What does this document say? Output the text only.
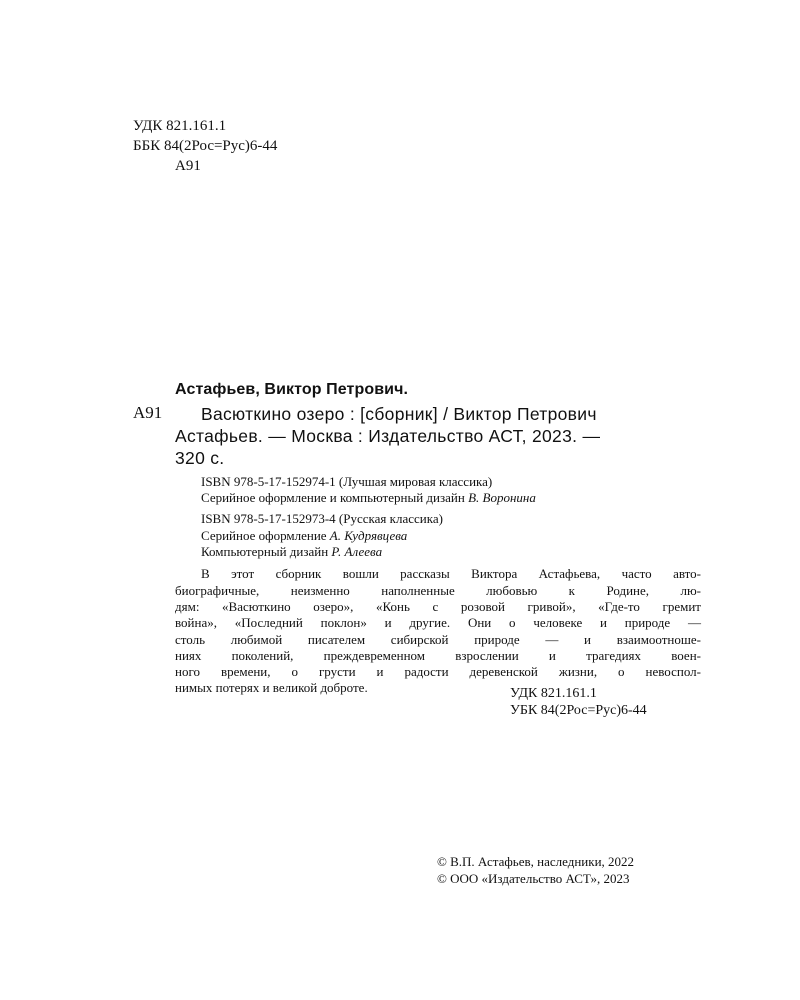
УДК 821.161.1
ББК 84(2Рос=Рус)6-44
А91
Астафьев, Виктор Петрович.
А91 Васюткино озеро : [сборник] / Виктор Петрович
Астафьев. — Москва : Издательство АСТ, 2023. —
320 с.
ISBN 978-5-17-152974-1 (Лучшая мировая классика)
Серийное оформление и компьютерный дизайн В. Воронина
ISBN 978-5-17-152973-4 (Русская классика)
Серийное оформление А. Кудрявцева
Компьютерный дизайн Р. Алеева
В этот сборник вошли рассказы Виктора Астафьева, часто авто-
биографичные, неизменно наполненные любовью к Родине, лю-
дям: «Васюткино озеро», «Конь с розовой гривой», «Где-то гремит
война», «Последний поклон» и другие. Они о человеке и природе —
столь любимой писателем сибирской природе — и взаимоотноше-
ниях поколений, преждевременном взрослении и трагедиях воен-
ного времени, о грусти и радости деревенской жизни, о невоспол-
нимых потерях и великой доброте.	УДК 821.161.1
УБК 84(2Рос=Рус)6-44
© В.П. Астафьев, наследники, 2022
© ООО «Издательство АСТ», 2023
